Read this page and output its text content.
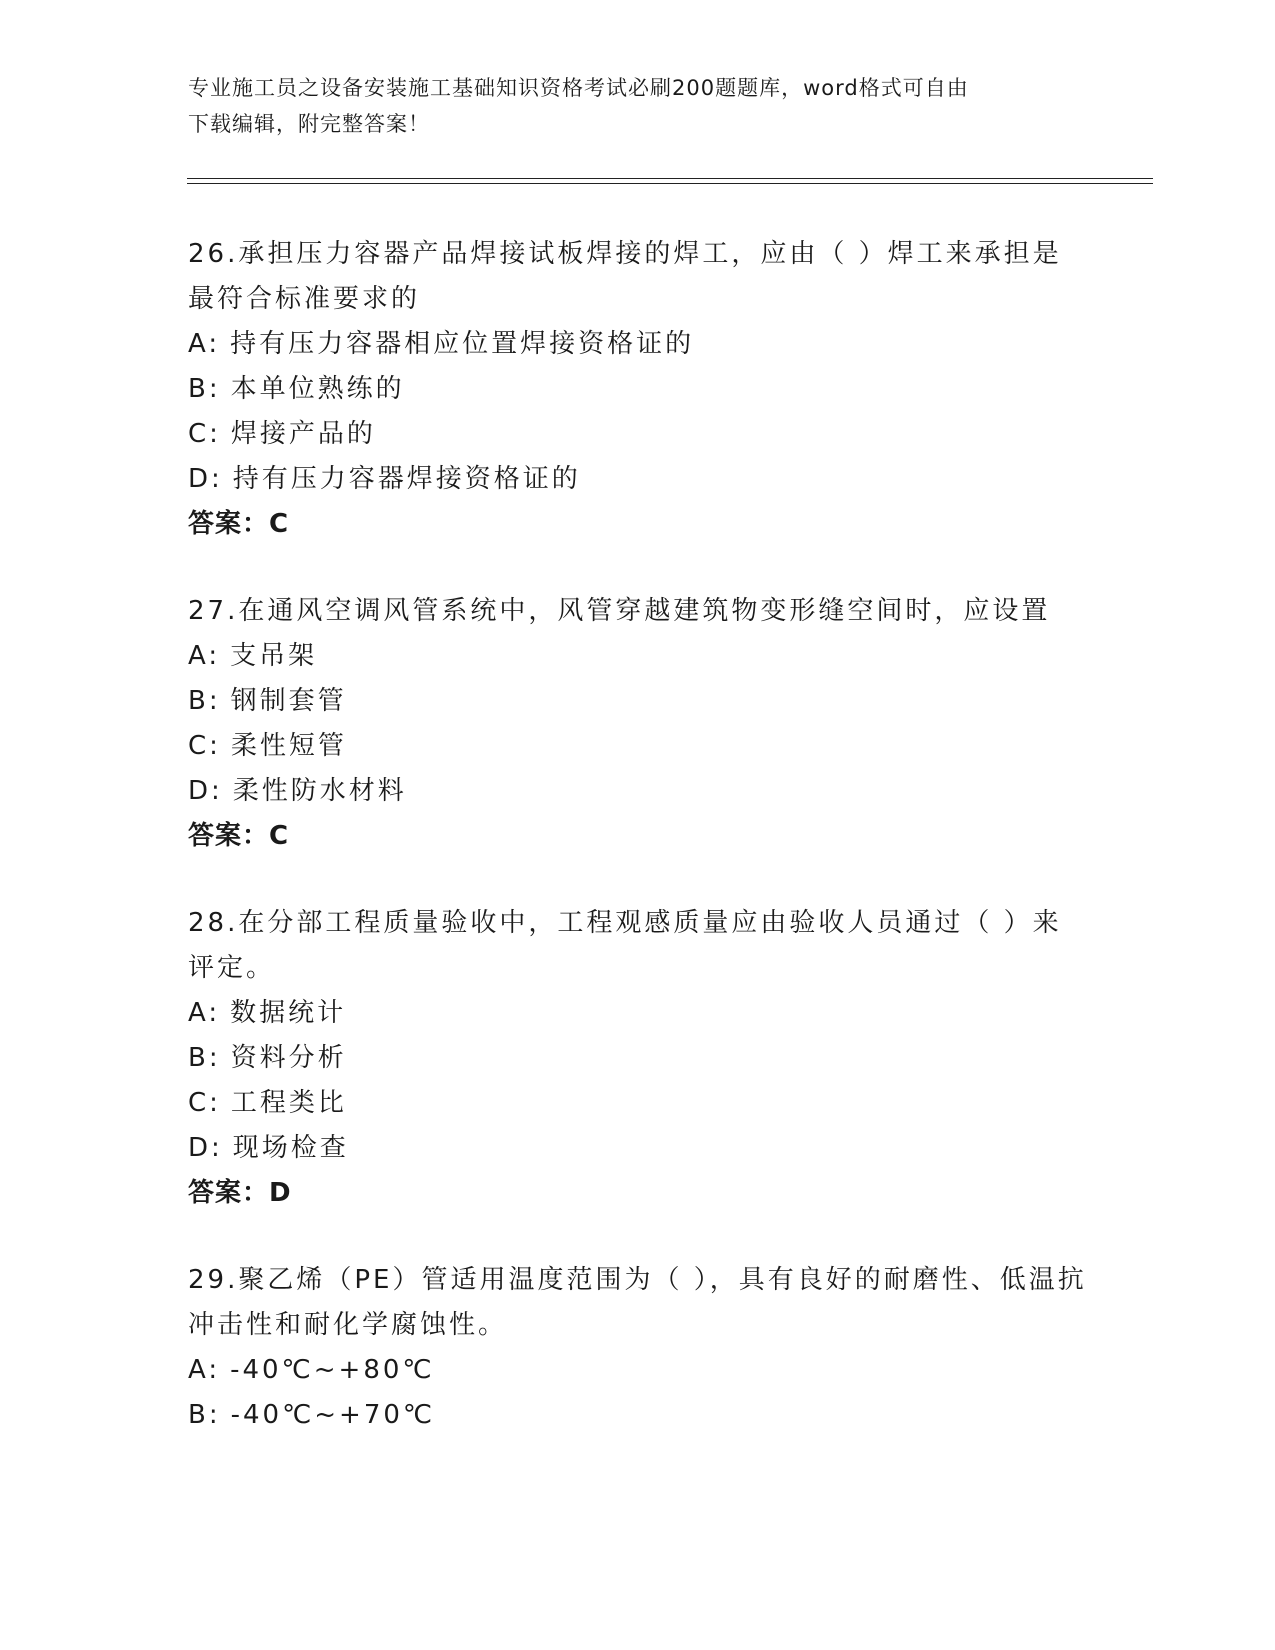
专业施工员之设备安装施工基础知识资格考试必刷200题题库，word格式可自由
下载编辑，附完整答案！

26.承担压力容器产品焊接试板焊接的焊工，应由（ ）焊工来承担是最符合标准要求的

A: 持有压力容器相应位置焊接资格证的

B: 本单位熟练的

C: 焊接产品的

D: 持有压力容器焊接资格证的

答案：C

27.在通风空调风管系统中，风管穿越建筑物变形缝空间时，应设置

A: 支吊架

B: 钢制套管

C: 柔性短管

D: 柔性防水材料

答案：C

28.在分部工程质量验收中，工程观感质量应由验收人员通过（ ）来评定。

A: 数据统计

B: 资料分析

C: 工程类比

D: 现场检查

答案：D

29.聚乙烯（PE）管适用温度范围为（ ），具有良好的耐磨性、低温抗冲击性和耐化学腐蚀性。

A: -40℃~+80℃

B: -40℃~+70℃
